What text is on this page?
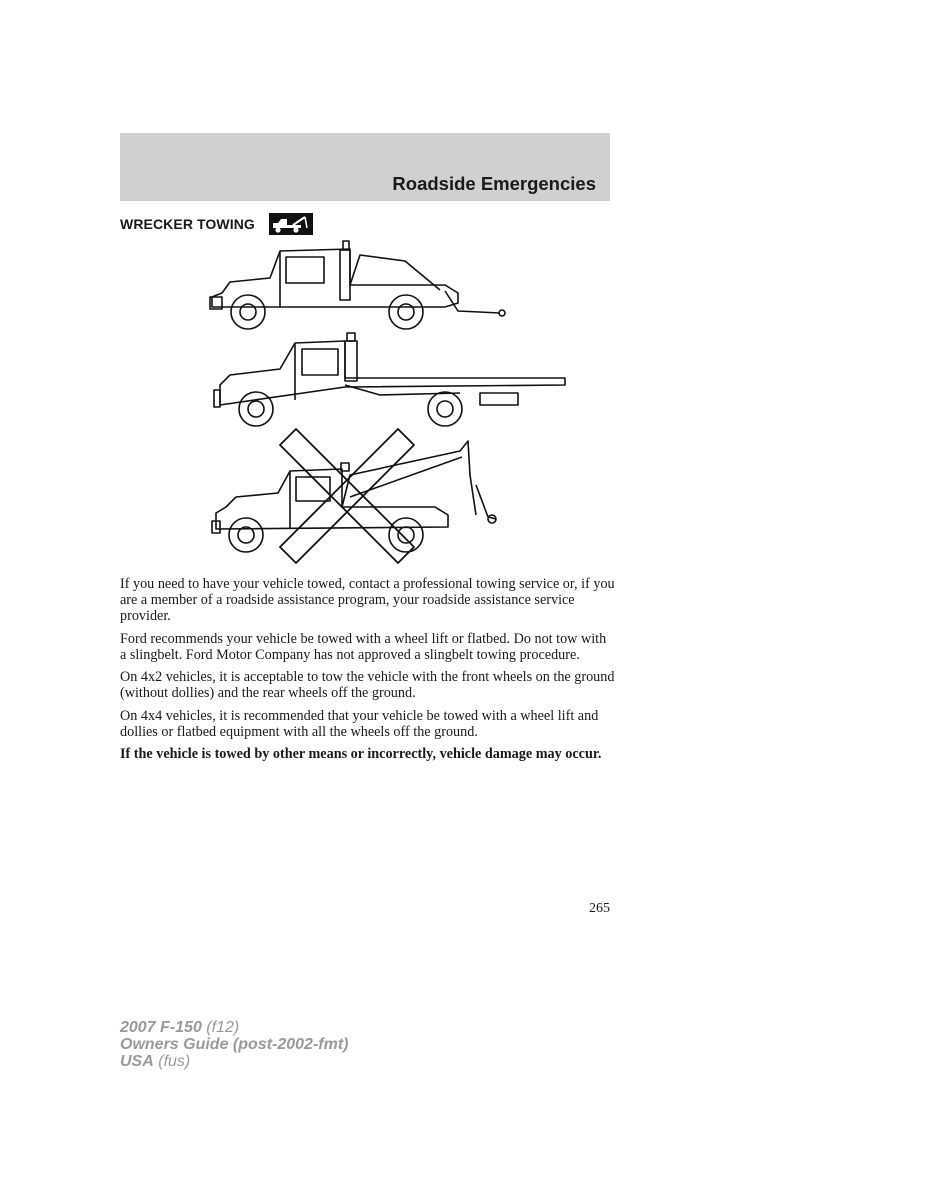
Roadside Emergencies
WRECKER TOWING

If you need to have your vehicle towed, contact a professional towing service or, if you are a member of a roadside assistance program, your roadside assistance service provider.

Ford recommends your vehicle be towed with a wheel lift or flatbed. Do not tow with a slingbelt. Ford Motor Company has not approved a slingbelt towing procedure.

On 4x2 vehicles, it is acceptable to tow the vehicle with the front wheels on the ground (without dollies) and the rear wheels off the ground.

On 4x4 vehicles, it is recommended that your vehicle be towed with a wheel lift and dollies or flatbed equipment with all the wheels off the ground.

If the vehicle is towed by other means or incorrectly, vehicle damage may occur.

265
2007 F-150 (f12)
Owners Guide (post-2002-fmt)
USA (fus)
